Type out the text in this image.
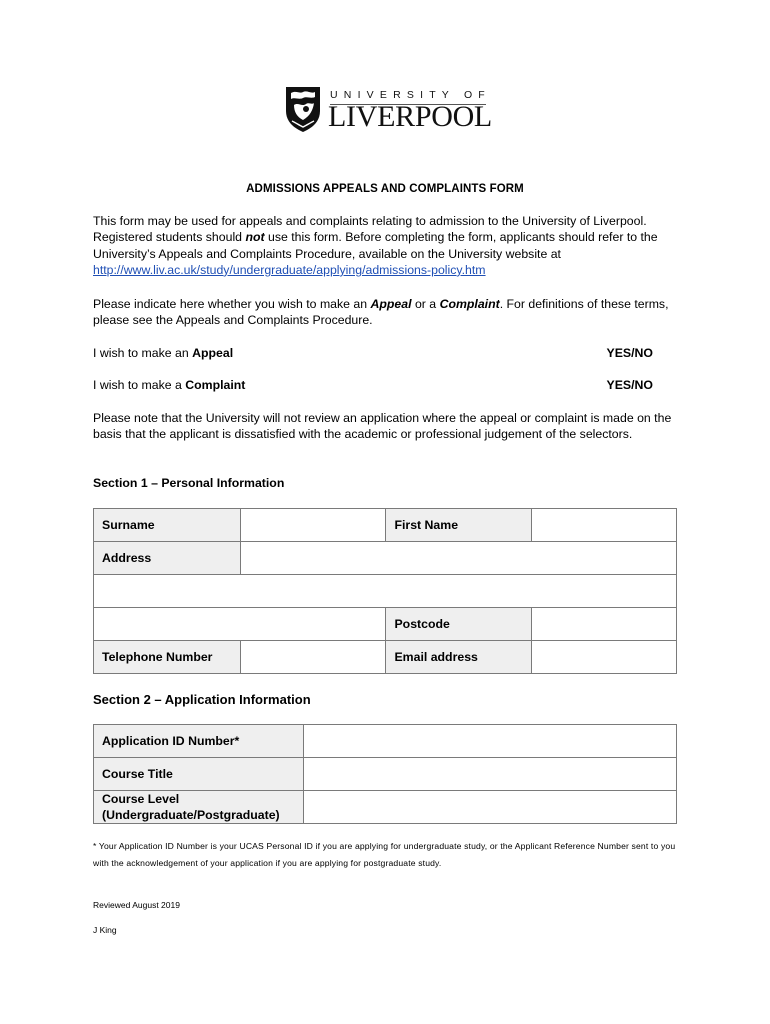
UNIVERSITY OF
LIVERPOOL
ADMISSIONS APPEALS AND COMPLAINTS FORM
This form may be used for appeals and complaints relating to admission to the University of Liverpool. Registered students should not use this form. Before completing the form, applicants should refer to the University’s Appeals and Complaints Procedure, available on the University website at http://www.liv.ac.uk/study/undergraduate/applying/admissions-policy.htm
Please indicate here whether you wish to make an Appeal or a Complaint. For definitions of these terms, please see the Appeals and Complaints Procedure.
I wish to make an Appeal	YES/NO
I wish to make a Complaint	YES/NO
Please note that the University will not review an application where the appeal or complaint is made on the basis that the applicant is dissatisfied with the academic or professional judgement of the selectors.
Section 1 – Personal Information
Surname		First Name	
Address			

		Postcode	
Telephone Number		Email address	
Section 2 – Application Information
Application ID Number*	
Course Title	

Course Level
(Undergraduate/Postgraduate)	

* Your Application ID Number is your UCAS Personal ID if you are applying for undergraduate study, or the Applicant Reference Number sent to you with the acknowledgement of your application if you are applying for postgraduate study.
Reviewed August 2019
J King
